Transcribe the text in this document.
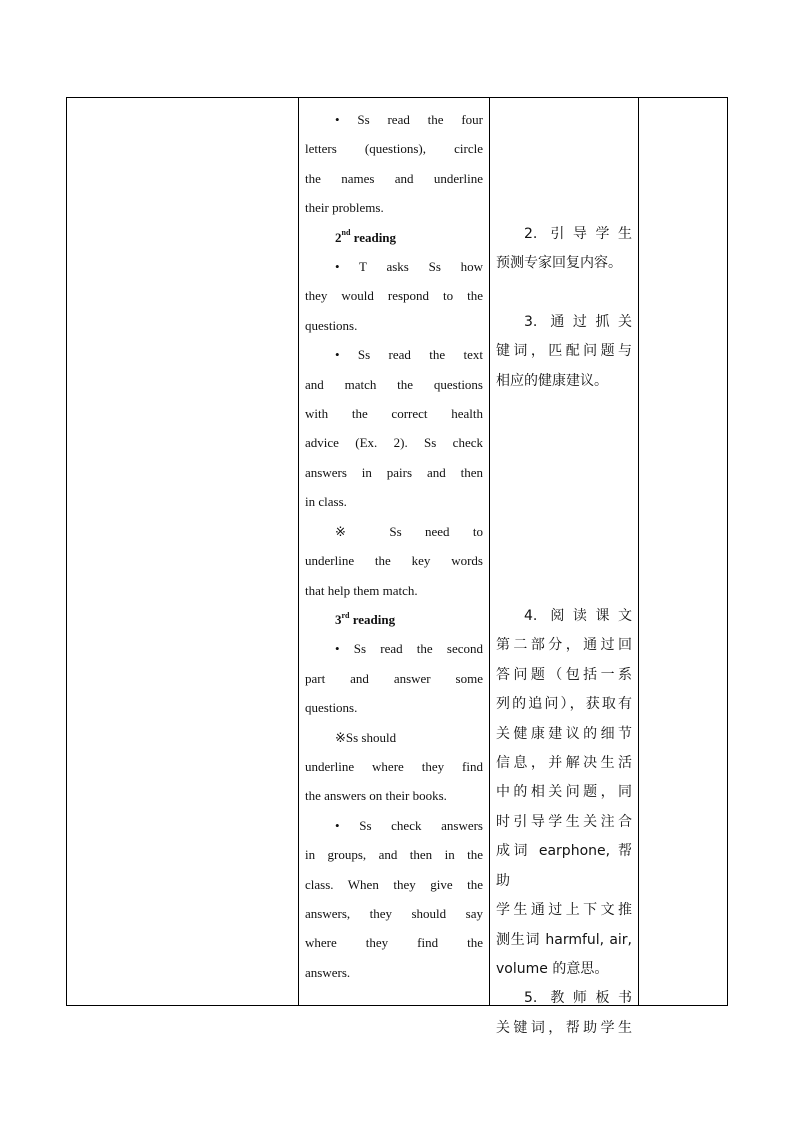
• Ss read the four

letters (questions), circle

the names and underline

their problems.

2nd reading

• T asks Ss how

they would respond to the

questions.

• Ss read the text

and match the questions

with the correct health

advice (Ex. 2). Ss check

answers in pairs and then

in class.

※ Ss need to

underline the key words

that help them match.

3rd reading

• Ss read the second

part and answer some

questions.

※Ss should

underline where they find

the answers on their books.

• Ss check answers

in groups, and then in the

class. When they give the

answers, they should say

where they find the

answers.

2. 引导学生

预测专家回复内容。

3. 通过抓关

键词，匹配问题与

相应的健康建议。

4. 阅读课文

第二部分，通过回

答问题（包括一系

列的追问），获取有

关健康建议的细节

信息，并解决生活

中的相关问题，同

时引导学生关注合

成词 earphone, 帮助

学生通过上下文推

测生词 harmful, air,

volume 的意思。

5. 教师板书

关键词，帮助学生
